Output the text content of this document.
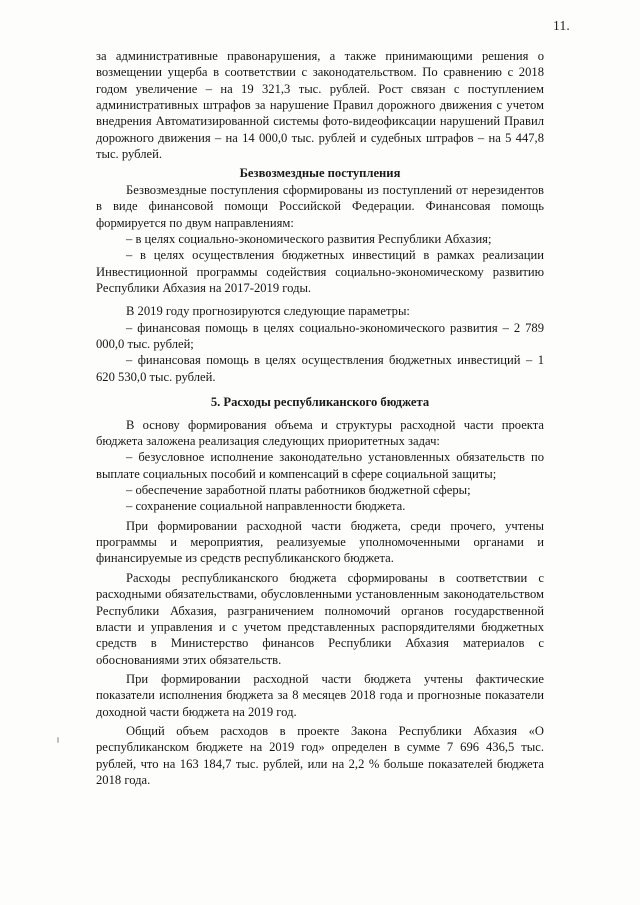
11.

за административные правонарушения, а также принимающими решения о возмещении ущерба в соответствии с законодательством. По сравнению с 2018 годом увеличение – на 19 321,3 тыс. рублей. Рост связан с поступлением административных штрафов за нарушение Правил дорожного движения с учетом внедрения Автоматизированной системы фото-видеофиксации нарушений Правил дорожного движения – на 14 000,0 тыс. рублей и судебных штрафов – на 5 447,8 тыс. рублей.

Безвозмездные поступления

Безвозмездные поступления сформированы из поступлений от нерезидентов в виде финансовой помощи Российской Федерации. Финансовая помощь формируется по двум направлениям:

– в целях социально-экономического развития Республики Абхазия;

– в целях осуществления бюджетных инвестиций в рамках реализации Инвестиционной программы содействия социально-экономическому развитию Республики Абхазия на 2017-2019 годы.

В 2019 году прогнозируются следующие параметры:

– финансовая помощь в целях социально-экономического развития – 2 789 000,0 тыс. рублей;

– финансовая помощь в целях осуществления бюджетных инвестиций – 1 620 530,0 тыс. рублей.

5. Расходы республиканского бюджета

В основу формирования объема и структуры расходной части проекта бюджета заложена реализация следующих приоритетных задач:

– безусловное исполнение законодательно установленных обязательств по выплате социальных пособий и компенсаций в сфере социальной защиты;

– обеспечение заработной платы работников бюджетной сферы;

– сохранение социальной направленности бюджета.

При формировании расходной части бюджета, среди прочего, учтены программы и мероприятия, реализуемые уполномоченными органами и финансируемые из средств республиканского бюджета.

Расходы республиканского бюджета сформированы в соответствии с расходными обязательствами, обусловленными установленным законодательством Республики Абхазия, разграничением полномочий органов государственной власти и управления и с учетом представленных распорядителями бюджетных средств в Министерство финансов Республики Абхазия материалов с обоснованиями этих обязательств.

При формировании расходной части бюджета учтены фактические показатели исполнения бюджета за 8 месяцев 2018 года и прогнозные показатели доходной части бюджета на 2019 год.

Общий объем расходов в проекте Закона Республики Абхазия «О республиканском бюджете на 2019 год» определен в сумме 7 696 436,5 тыс. рублей, что на 163 184,7 тыс. рублей, или на 2,2 % больше показателей бюджета 2018 года.
